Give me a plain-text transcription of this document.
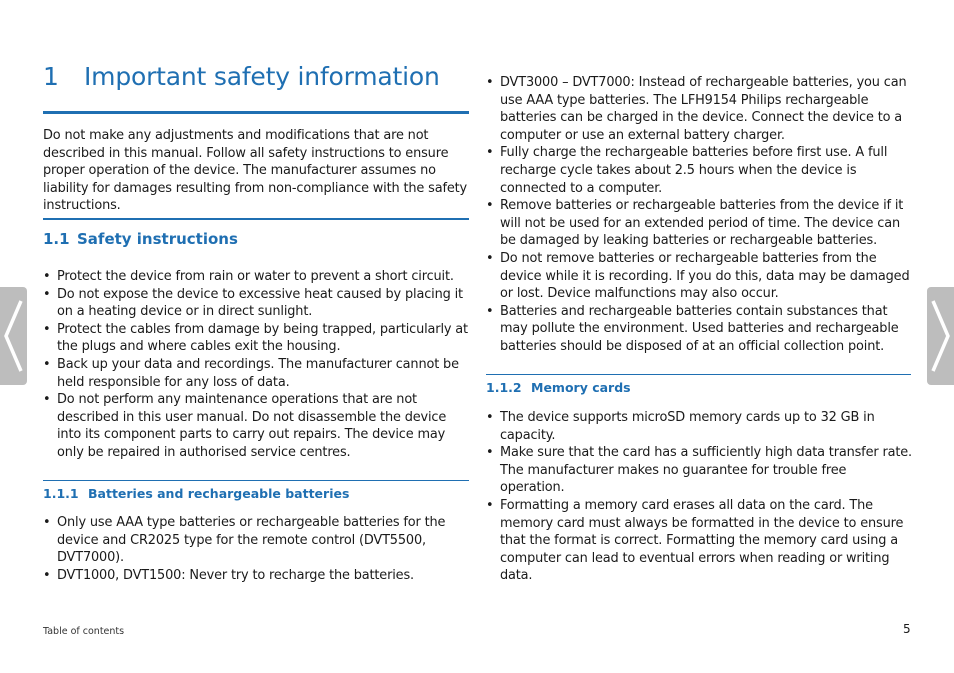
1 Important safety information

Do not make any adjustments and modifications that are not described in this manual. Follow all safety instructions to ensure proper operation of the device. The manufacturer assumes no liability for damages resulting from non-compliance with the safety instructions.

1.1 Safety instructions
• Protect the device from rain or water to prevent a short circuit.
• Do not expose the device to excessive heat caused by placing it on a heating device or in direct sunlight.
• Protect the cables from damage by being trapped, particularly at the plugs and where cables exit the housing.
• Back up your data and recordings. The manufacturer cannot be held responsible for any loss of data.
• Do not perform any maintenance operations that are not described in this user manual. Do not disassemble the device into its component parts to carry out repairs. The device may only be repaired in authorised service centres.
1.1.1 Batteries and rechargeable batteries
• Only use AAA type batteries or rechargeable batteries for the device and CR2025 type for the remote control (DVT5500, DVT7000).
• DVT1000, DVT1500: Never try to recharge the batteries.
• DVT3000 – DVT7000: Instead of rechargeable batteries, you can use AAA type batteries. The LFH9154 Philips rechargeable batteries can be charged in the device. Connect the device to a computer or use an external battery charger.
• Fully charge the rechargeable batteries before first use. A full recharge cycle takes about 2.5 hours when the device is connected to a computer.
• Remove batteries or rechargeable batteries from the device if it will not be used for an extended period of time. The device can be damaged by leaking batteries or rechargeable batteries.
• Do not remove batteries or rechargeable batteries from the device while it is recording. If you do this, data may be damaged or lost. Device malfunctions may also occur.
• Batteries and rechargeable batteries contain substances that may pollute the environment. Used batteries and rechargeable batteries should be disposed of at an official collection point.
1.1.2 Memory cards
• The device supports microSD memory cards up to 32 GB in capacity.
• Make sure that the card has a sufficiently high data transfer rate. The manufacturer makes no guarantee for trouble free operation.
• Formatting a memory card erases all data on the card. The memory card must always be formatted in the device to ensure that the format is correct. Formatting the memory card using a computer can lead to eventual errors when reading or writing data.
Table of contents	5
